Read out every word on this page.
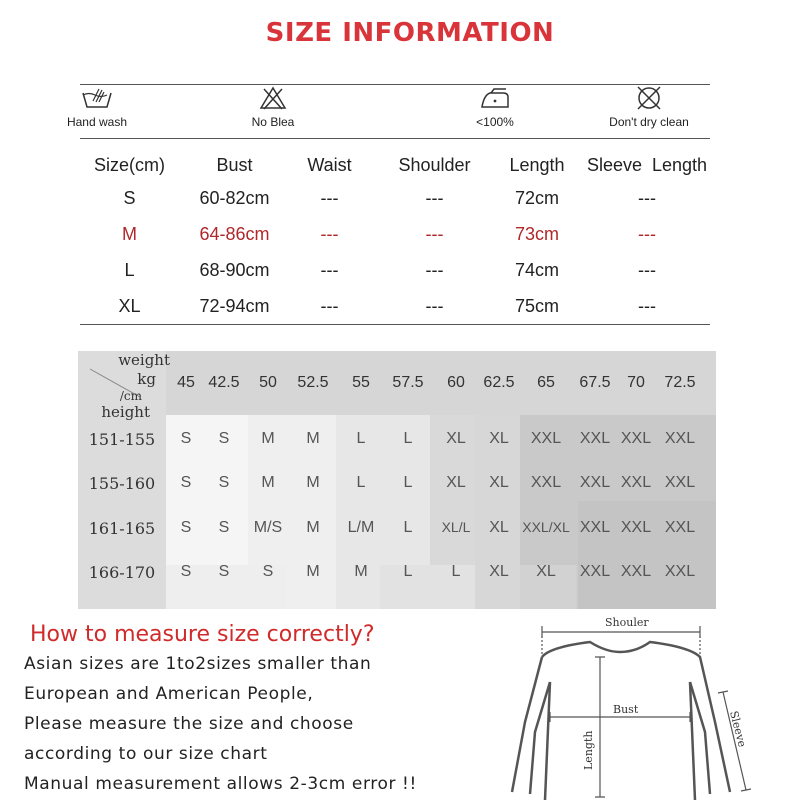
SIZE INFORMATION
Hand wash	No Blea	<100%	Don't dry clean
Size(cm)	Bust	Waist	Shoulder	Length	Sleeve  Length
S	60-82cm	---	---	72cm	---
M	64-86cm	---	---	73cm	---
L	68-90cm	---	---	74cm	---
XL	72-94cm	---	---	75cm	---
weight
kg
/cm
height
45 42.5	50	52.5	55	57.5	60	62.5	65	67.5	70	72.5
151-155	S	S	M	M	L	L	XL	XL	XXL	XXL XXL XXL
155-160	S	S	M	M	L	L	XL	XL	XXL	XXL XXL XXL
161-165	S	S	M/S	M	L/M	L	XL/L	XL XXL/XL XXL XXL XXL
166-170	S	S	S	M	M	L	L	XL	XL	XXL XXL XXL
How to measure size correctly?
Asian sizes are 1to2sizes smaller than
European and American People,
Please measure the size and choose
according to our size chart
Manual measurement allows 2-3cm error !!
Shouler
Bust
Length
Sleeve
